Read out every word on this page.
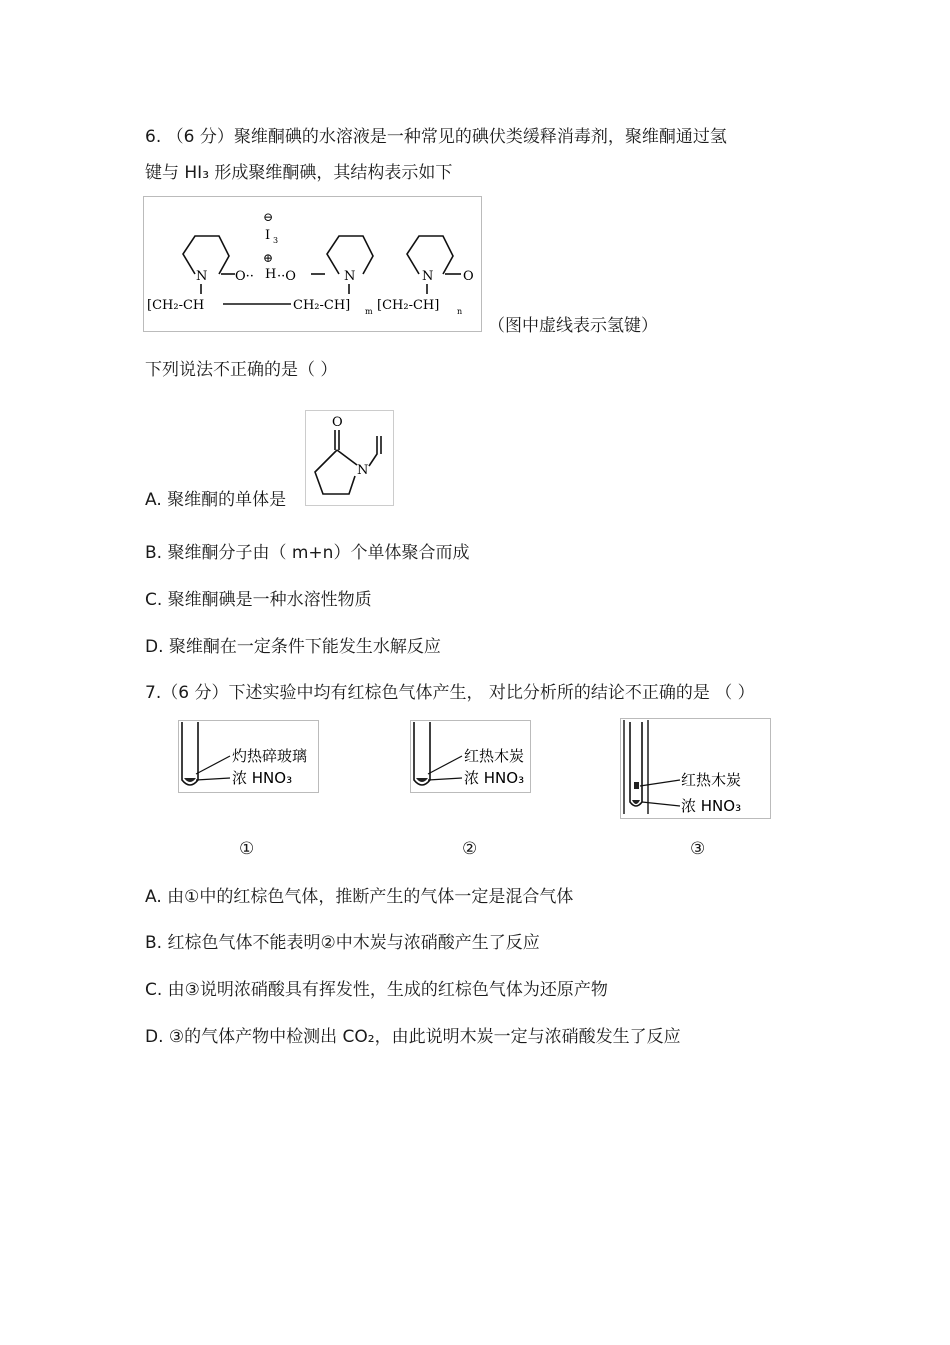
6. （6 分）聚维酮碘的水溶液是一种常见的碘伏类缓释消毒剂，聚维酮通过氢
键与 HI₃ 形成聚维酮碘，其结构表示如下
⊖
I 3
⊕
H
N O·· ··O	N	N O
[CH₂-CH	CH₂-CH] m [CH₂-CH] n
（图中虚线表示氢键）
下列说法不正确的是（ ）
A. 聚维酮的单体是
O
N
B. 聚维酮分子由（ m+n）个单体聚合而成
C. 聚维酮碘是一种水溶性物质
D. 聚维酮在一定条件下能发生水解反应
7.（6 分）下述实验中均有红棕色气体产生， 对比分析所的结论不正确的是 （ ）
灼热碎玻璃
浓 HNO₃
红热木炭
浓 HNO₃	红热木炭
浓 HNO₃
①	②	③
A. 由①中的红棕色气体，推断产生的气体一定是混合气体
B. 红棕色气体不能表明②中木炭与浓硝酸产生了反应
C. 由③说明浓硝酸具有挥发性，生成的红棕色气体为还原产物
D. ③的气体产物中检测出 CO₂，由此说明木炭一定与浓硝酸发生了反应
